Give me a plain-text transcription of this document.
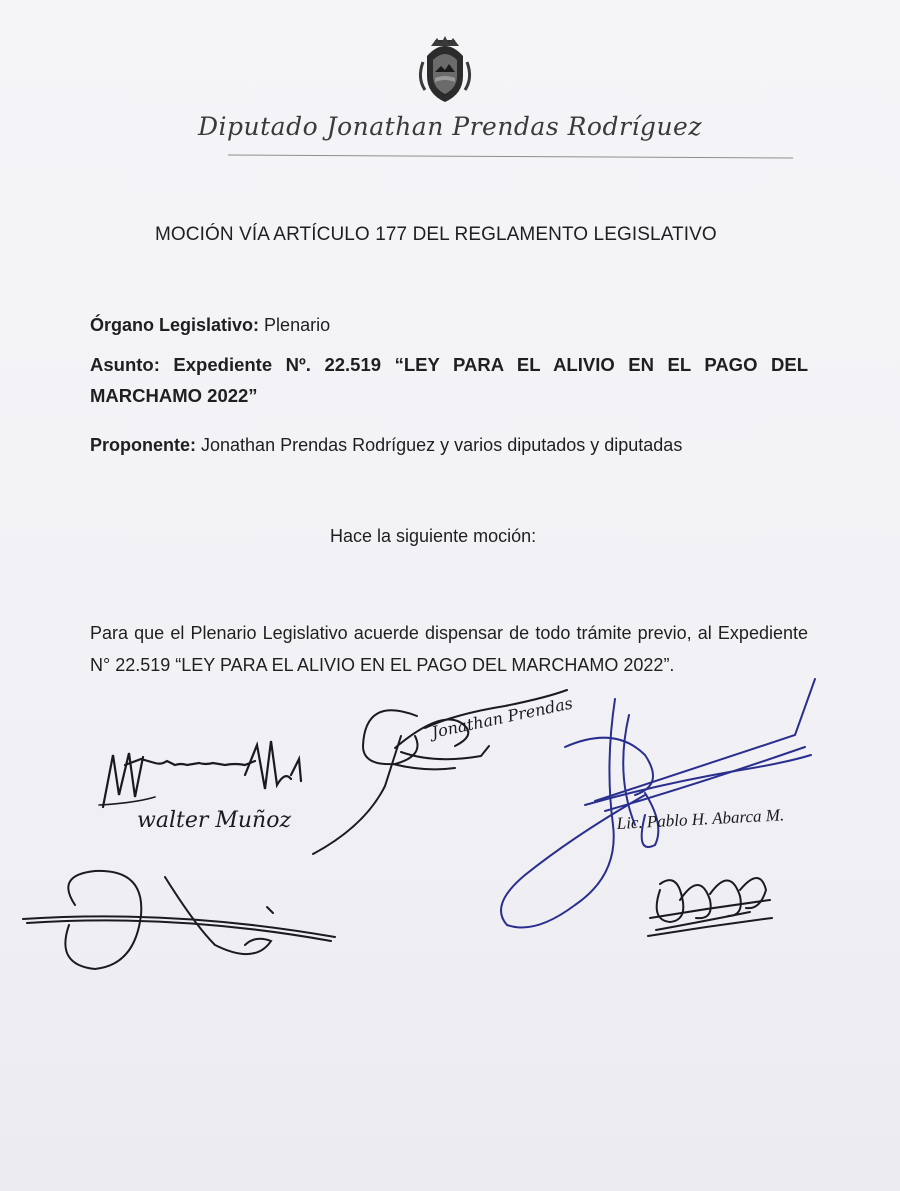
Diputado Jonathan Prendas Rodríguez
MOCIÓN VÍA ARTÍCULO 177 DEL REGLAMENTO LEGISLATIVO
Órgano Legislativo: Plenario
Asunto: Expediente Nº. 22.519 “LEY PARA EL ALIVIO EN EL PAGO DEL MARCHAMO 2022”
Proponente: Jonathan Prendas Rodríguez y varios diputados y diputadas
Hace la siguiente moción:
Para que el Plenario Legislativo acuerde dispensar de todo trámite previo, al Expediente N° 22.519 “LEY PARA EL ALIVIO EN EL PAGO DEL MARCHAMO 2022”.
walter Muñoz
Jonathan Prendas
Lic. Pablo H. Abarca M.
